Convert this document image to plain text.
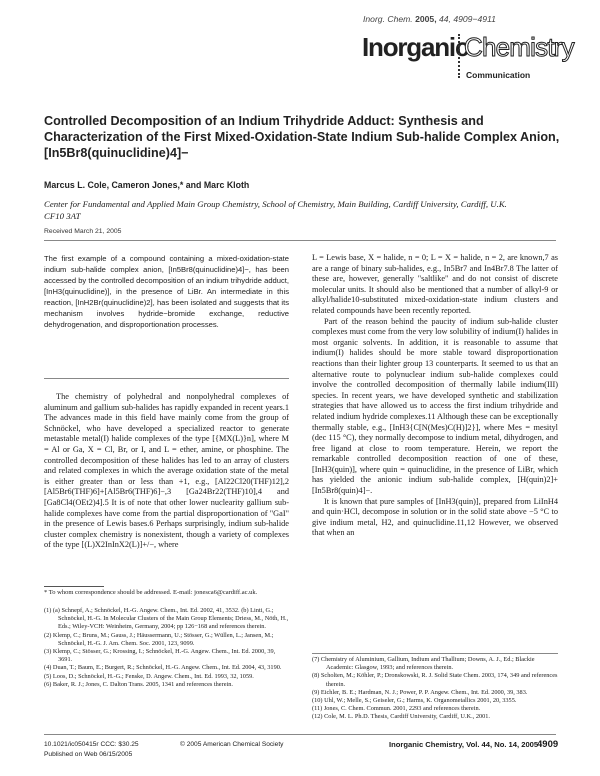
Inorg. Chem. 2005, 44, 4909−4911
Inorganic
Chemistry
Communication
Controlled Decomposition of an Indium Trihydride Adduct: Synthesis and Characterization of the First Mixed-Oxidation-State Indium Sub-halide Complex Anion, [In5Br8(quinuclidine)4]−
Marcus L. Cole, Cameron Jones,* and Marc Kloth
Center for Fundamental and Applied Main Group Chemistry, School of Chemistry, Main Building, Cardiff University, Cardiff, U.K. CF10 3AT
Received March 21, 2005
The first example of a compound containing a mixed-oxidation-state indium sub-halide complex anion, [In5Br8(quinuclidine)4]−, has been accessed by the controlled decomposition of an indium trihydride adduct, [InH3(quinuclidine)], in the presence of LiBr. An intermediate in this reaction, [InH2Br(quinuclidine)2], has been isolated and suggests that its mechanism involves hydride−bromide exchange, reductive dehydrogenation, and disproportionation processes.

The chemistry of polyhedral and nonpolyhedral complexes of aluminum and gallium sub-halides has rapidly expanded in recent years.1 The advances made in this field have mainly come from the group of Schnöckel, who have developed a specialized reactor to generate metastable metal(I) halide complexes of the type [{MX(L)}n], where M = Al or Ga, X = Cl, Br, or I, and L = ether, amine, or phosphine. The controlled decomposition of these halides has led to an array of clusters and related complexes in which the average oxidation state of the metal is either greater than or less than +1, e.g., [Al22Cl20(THF)12],2 [Al5Br6(THF)6]+[Al5Br6(THF)6]−,3 [Ga24Br22(THF)10],4 and [Ga8Cl4(OEt2)4].5 It is of note that other lower nuclearity gallium sub-halide complexes have come from the partial disproportionation of "GaI" in the presence of Lewis bases.6 Perhaps surprisingly, indium sub-halide cluster complex chemistry is nonexistent, though a variety of complexes of the type [(L)X2InInX2(L)]+/−, where

L = Lewis base, X = halide, n = 0; L = X = halide, n = 2, are known,7 as are a range of binary sub-halides, e.g., In5Br7 and In4Br7.8 The latter of these are, however, generally "saltlike" and do not consist of discrete molecular units. It should also be mentioned that a number of alkyl-9 or alkyl/halide10-substituted mixed-oxidation-state indium clusters and related compounds have been recently reported.

Part of the reason behind the paucity of indium sub-halide cluster complexes must come from the very low solubility of indium(I) halides in most organic solvents. In addition, it is reasonable to assume that indium(I) halides should be more stable toward disproportionation reactions than their lighter group 13 counterparts. It seemed to us that an alternative route to polynuclear indium sub-halide complexes could involve the controlled decomposition of thermally labile indium(III) species. In recent years, we have developed synthetic and stabilization strategies that have allowed us to access the first indium trihydride and related indium hydride complexes.11 Although these can be exceptionally thermally stable, e.g., [InH3{C[N(Mes)C(H)]2}], where Mes = mesityl (dec 115 °C), they normally decompose to indium metal, dihydrogen, and free ligand at close to room temperature. Herein, we report the remarkable controlled decomposition reaction of one of these, [InH3(quin)], where quin = quinuclidine, in the presence of LiBr, which has yielded the anionic indium sub-halide complex, [H(quin)2]+[In5Br8(quin)4]−.

It is known that pure samples of [InH3(quin)], prepared from LiInH4 and quin·HCl, decompose in solution or in the solid state above −5 °C to give indium metal, H2, and quinuclidine.11,12 However, we observed that when an

* To whom correspondence should be addressed. E-mail: jonesca6@cardiff.ac.uk.

(1) (a) Schnepf, A.; Schnöckel, H.-G. Angew. Chem., Int. Ed. 2002, 41, 3532. (b) Linti, G.; Schnöckel, H.-G. In Molecular Clusters of the Main Group Elements; Driess, M., Nöth, H., Eds.; Wiley-VCH: Weinheim, Germany, 2004; pp 126−168 and references therein.

(2) Klemp, C.; Bruns, M.; Gauss, J.; Häussermann, U.; Stösser, G.; Wüllen, L.; Jansen, M.; Schnöckel, H.-G. J. Am. Chem. Soc. 2001, 123, 9099.

(3) Klemp, C.; Stösser, G.; Krossing, I.; Schnöckel, H.-G. Angew. Chem., Int. Ed. 2000, 39, 3691.

(4) Duan, T.; Baum, E.; Burgert, R.; Schnöckel, H.-G. Angew. Chem., Int. Ed. 2004, 43, 3190.

(5) Loos, D.; Schnöckel, H.-G.; Fenske, D. Angew. Chem., Int. Ed. 1993, 32, 1059.

(6) Baker, R. J.; Jones, C. Dalton Trans. 2005, 1341 and references therein.

(7) Chemistry of Aluminium, Gallium, Indium and Thallium; Downs, A. J., Ed.; Blackie Academic: Glasgow, 1993; and references therein.

(8) Scholten, M.; Köhler, P.; Dronskowski, R. J. Solid State Chem. 2003, 174, 349 and references therein.

(9) Eichler, B. E.; Hardman, N. J.; Power, P. P. Angew. Chem., Int. Ed. 2000, 39, 383.

(10) Uhl, W.; Melle, S.; Geiseler, G.; Harms, K. Organometallics 2001, 20, 3355.

(11) Jones, C. Chem. Commun. 2001, 2293 and references therein.

(12) Cole, M. L. Ph.D. Thesis, Cardiff University, Cardiff, U.K., 2001.

10.1021/ic050415r CCC: $30.25	© 2005 American Chemical Society
Published on Web 06/15/2005
Inorganic Chemistry, Vol. 44, No. 14, 2005
4909
